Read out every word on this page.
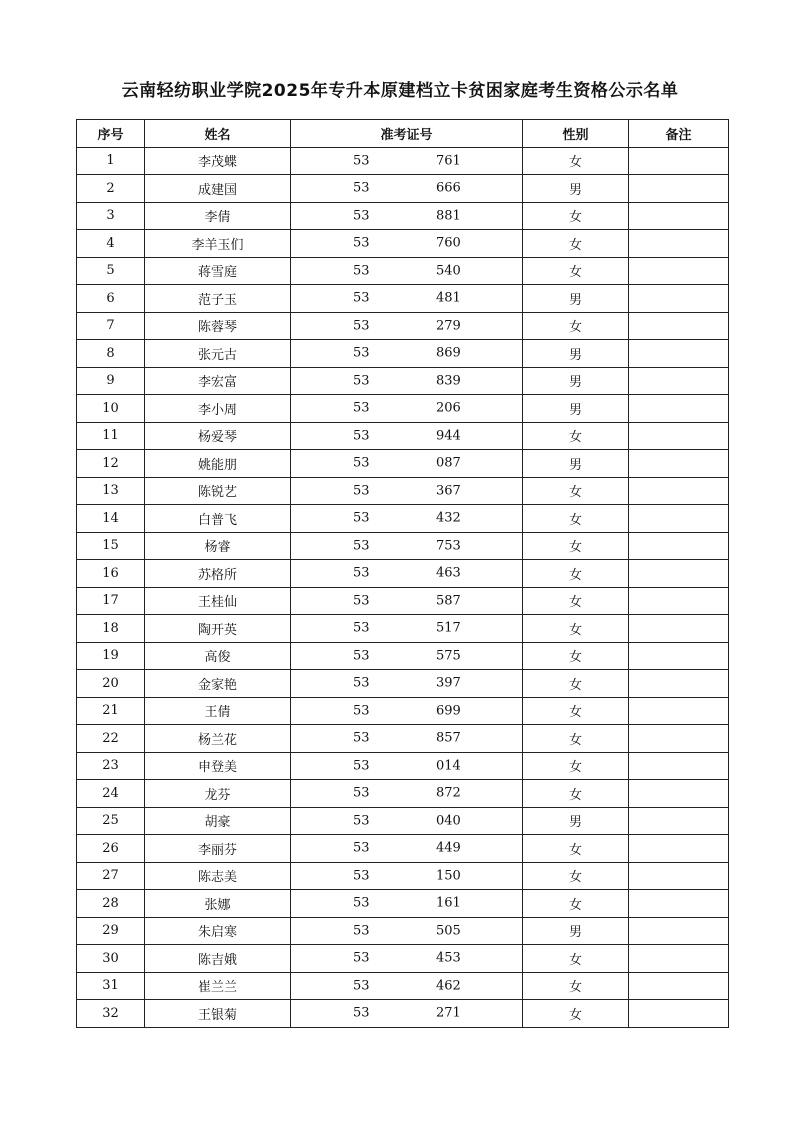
云南轻纺职业学院2025年专升本原建档立卡贫困家庭考生资格公示名单
序号	姓名	准考证号	性别	备注
1	李茂蝶	53 761	女	
2	成建国	53 666	男	
3	李倩	53 881	女	
4	李羊玉们	53 760	女	
5	蒋雪庭	53 540	女	
6	范子玉	53 481	男	
7	陈蓉琴	53 279	女	
8	张元古	53 869	男	
9	李宏富	53 839	男	
10	李小周	53 206	男	
11	杨爱琴	53 944	女	
12	姚能朋	53 087	男	
13	陈锐艺	53 367	女	
14	白普飞	53 432	女	
15	杨睿	53 753	女	
16	苏格所	53 463	女	
17	王桂仙	53 587	女	
18	陶开英	53 517	女	
19	高俊	53 575	女	
20	金家艳	53 397	女	
21	王倩	53 699	女	
22	杨兰花	53 857	女	
23	申登美	53 014	女	
24	龙芬	53 872	女	
25	胡豪	53 040	男	
26	李丽芬	53 449	女	
27	陈志美	53 150	女	
28	张娜	53 161	女	
29	朱启寒	53 505	男	
30	陈吉娥	53 453	女	
31	崔兰兰	53 462	女	
32	王银菊	53 271	女	
